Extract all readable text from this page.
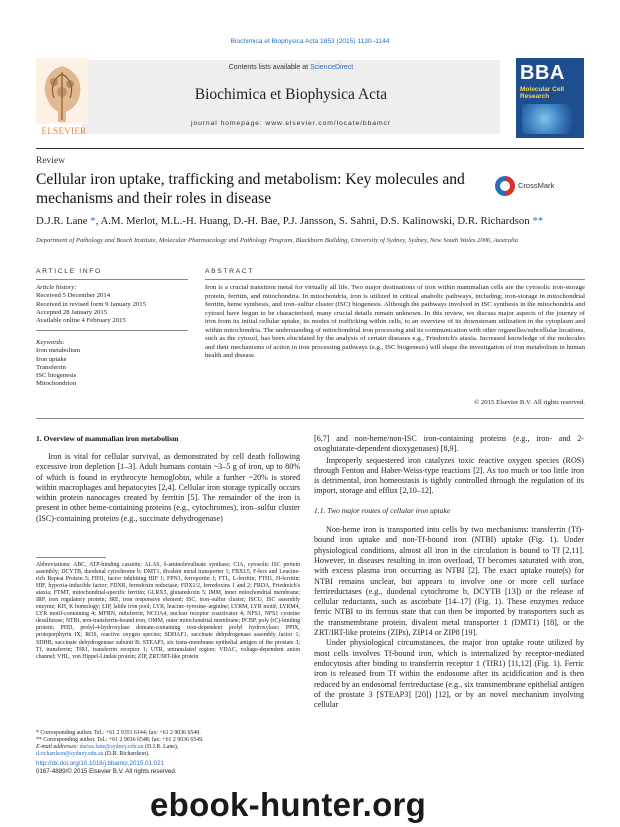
Biochimica et Biophysica Acta 1853 (2015) 1130–1144
ELSEVIER
Contents lists available at ScienceDirect
Biochimica et Biophysica Acta
journal homepage: www.elsevier.com/locate/bbamcr
BBA
Molecular Cell Research
Review
Cellular iron uptake, trafficking and metabolism: Key molecules and mechanisms and their roles in disease
CrossMark
D.J.R. Lane *, A.M. Merlot, M.L.-H. Huang, D.-H. Bae, P.J. Jansson, S. Sahni, D.S. Kalinowski, D.R. Richardson **
Department of Pathology and Bosch Institute, Molecular Pharmacology and Pathology Program, Blackburn Building, University of Sydney, Sydney, New South Wales 2006, Australia
ARTICLE INFO
Article history:
Received 5 December 2014
Received in revised form 9 January 2015
Accepted 28 January 2015
Available online 4 February 2015
Keywords:
Iron metabolism
Iron uptake
Transferrin
ISC biogenesis
Mitochondrion
ABSTRACT
Iron is a crucial transition metal for virtually all life. Two major destinations of iron within mammalian cells are the cytosolic iron-storage protein, ferritin, and mitochondria. In mitochondria, iron is utilized in critical anabolic pathways, including: iron-storage in mitochondrial ferritin, heme synthesis, and iron–sulfur cluster (ISC) biogenesis. Although the pathways involved in ISC synthesis in the mitochondria and cytosol have begun to be characterized, many crucial details remain unknown. In this review, we discuss major aspects of the journey of iron from its initial cellular uptake, its modes of trafficking within cells, to an overview of its downstream utilization in the cytoplasm and within mitochondria. The understanding of mitochondrial iron processing and its communication with other organelles/subcellular locations, such as the cytosol, has been elucidated by the analysis of certain diseases e.g., Friedreich's ataxia. Increased knowledge of the molecules and their mechanisms of action in iron processing pathways (e.g., ISC biogenesis) will shape the investigation of iron metabolism in human health and disease.
© 2015 Elsevier B.V. All rights reserved.
1. Overview of mammalian iron metabolism

Iron is vital for cellular survival, as demonstrated by cell death following excessive iron depletion [1–3]. Adult humans contain ~3–5 g of iron, up to 80% of which is found in erythrocyte hemoglobin, while a further ~20% is stored within macrophages and hepatocytes [2,4]. Cellular iron storage typically occurs within protein nanocages created by ferritin [5]. The remainder of the iron is present in other heme-containing proteins (e.g., cytochromes), iron–sulfur cluster (ISC)-containing proteins (e.g., succinate dehydrogenase)

Abbreviations: ABC, ATP-binding cassette; ALAS, δ-aminolevulinate synthase; CIA, cytosolic ISC protein assembly; DCYTB, duodenal cytochrome b; DMT1, divalent metal transporter 1; FBXL5, F-box and Leucine-rich Repeat Protein 5; FIH1, factor inhibiting HIF 1; FPN1, ferroportin 1; FTL, L-ferritin; FTH1, H-ferritin; HIF, hypoxia-inducible factor; FDXR, ferredoxin reductase; FDX1/2, ferredoxins 1 and 2; FRDA, Friedreich's ataxia; FTMT, mitochondrial-specific ferritin; GLRX5, glutaredoxin 5; IMM, inner mitochondrial membrane; IRP, iron regulatory protein; IRE, iron responsive element; ISC, iron–sulfur cluster; ISCU, ISC assembly enzyme; KH, K homology; LIP, labile iron pool; LYR, leucine–tyrosine–arginine; LYRM, LYR motif; LYRM4, LYR motif-containing 4; MFRN, mitoferrin; NCOA4, nuclear receptor coactivator 4; NFS1, NFS1 cysteine desulfurase; NTBI, non-transferrin-bound iron; OMM, outer mitochondrial membrane; PCBP, poly (rC)-binding protein; PHD, prolyl-4-hydroxylase domain-containing iron-dependent prolyl hydroxylase; PPIX, protoporphyrin IX; ROS, reactive oxygen species; SDHAF1, succinate dehydrogenase assembly factor 1; SDHB, succinate dehydrogenase subunit B; STEAP3, six trans-membrane epithelial antigen of the prostate 3; Tf, transferrin; TfR1, transferrin receptor 1; UTR, untranslated region; VDAC, voltage-dependent anion channel; VHL, von Hippel-Lindau protein; ZIP, ZRT/IRT-like protein
* Corresponding author. Tel.: +61 2 9351 6144; fax: +61 2 9036 6549.
** Corresponding author. Tel.: +61 2 9036 6548; fax: +61 2 9036 6549.
E-mail addresses: darius.lane@sydney.edu.au (D.J.R. Lane),
d.richardson@sydney.edu.au (D.R. Richardson).
http://dx.doi.org/10.1016/j.bbamcr.2015.01.021
0167-4889/© 2015 Elsevier B.V. All rights reserved.

[6,7] and non-heme/non-ISC iron-containing proteins (e.g., iron- and 2-oxoglutarate-dependent dioxygenases) [8,9].

Improperly sequestered iron catalyzes toxic reactive oxygen species (ROS) through Fenton and Haber-Weiss-type reactions [2]. As too much or too little iron is detrimental, iron homeostasis is tightly controlled through the regulation of its import, storage and efflux [2,10–12].

1.1. Two major routes of cellular iron uptake

Non-heme iron is transported into cells by two mechanisms: transferrin (Tf)-bound iron uptake and non-Tf-bound iron (NTBI) uptake (Fig. 1). Under physiological conditions, almost all iron in the circulation is bound to Tf [2,11]. However, in diseases resulting in iron overload, Tf becomes saturated with iron, with excess plasma iron occurring as NTBI [2]. The exact uptake route(s) for NTBI remains unclear, but appears to involve one or more cell surface ferrireductases (e.g., duodenal cytochrome b, DCYTB [13]) or the release of cellular reductants, such as ascorbate [14–17] (Fig. 1). These enzymes reduce ferric NTBI to its ferrous state that can then be imported by transporters such as the transmembrane protein, divalent metal transporter 1 (DMT1) [18], or the ZRT/IRT-like proteins (ZIPs), ZIP14 or ZIP8 [19].

Under physiological circumstances, the major iron uptake route utilized by most cells involves Tf-bound iron, which is internalized by receptor-mediated endocytosis after binding to transferrin receptor 1 (TfR1) [11,12] (Fig. 1). Ferric iron is released from Tf within the endosome after its acidification and is then reduced by an endosomal ferrireductase (e.g., six transmembrane epithelial antigen of the prostate 3 [STEAP3] [20]) [12], or by an novel mechanism involving cellular

ebook-hunter.org
